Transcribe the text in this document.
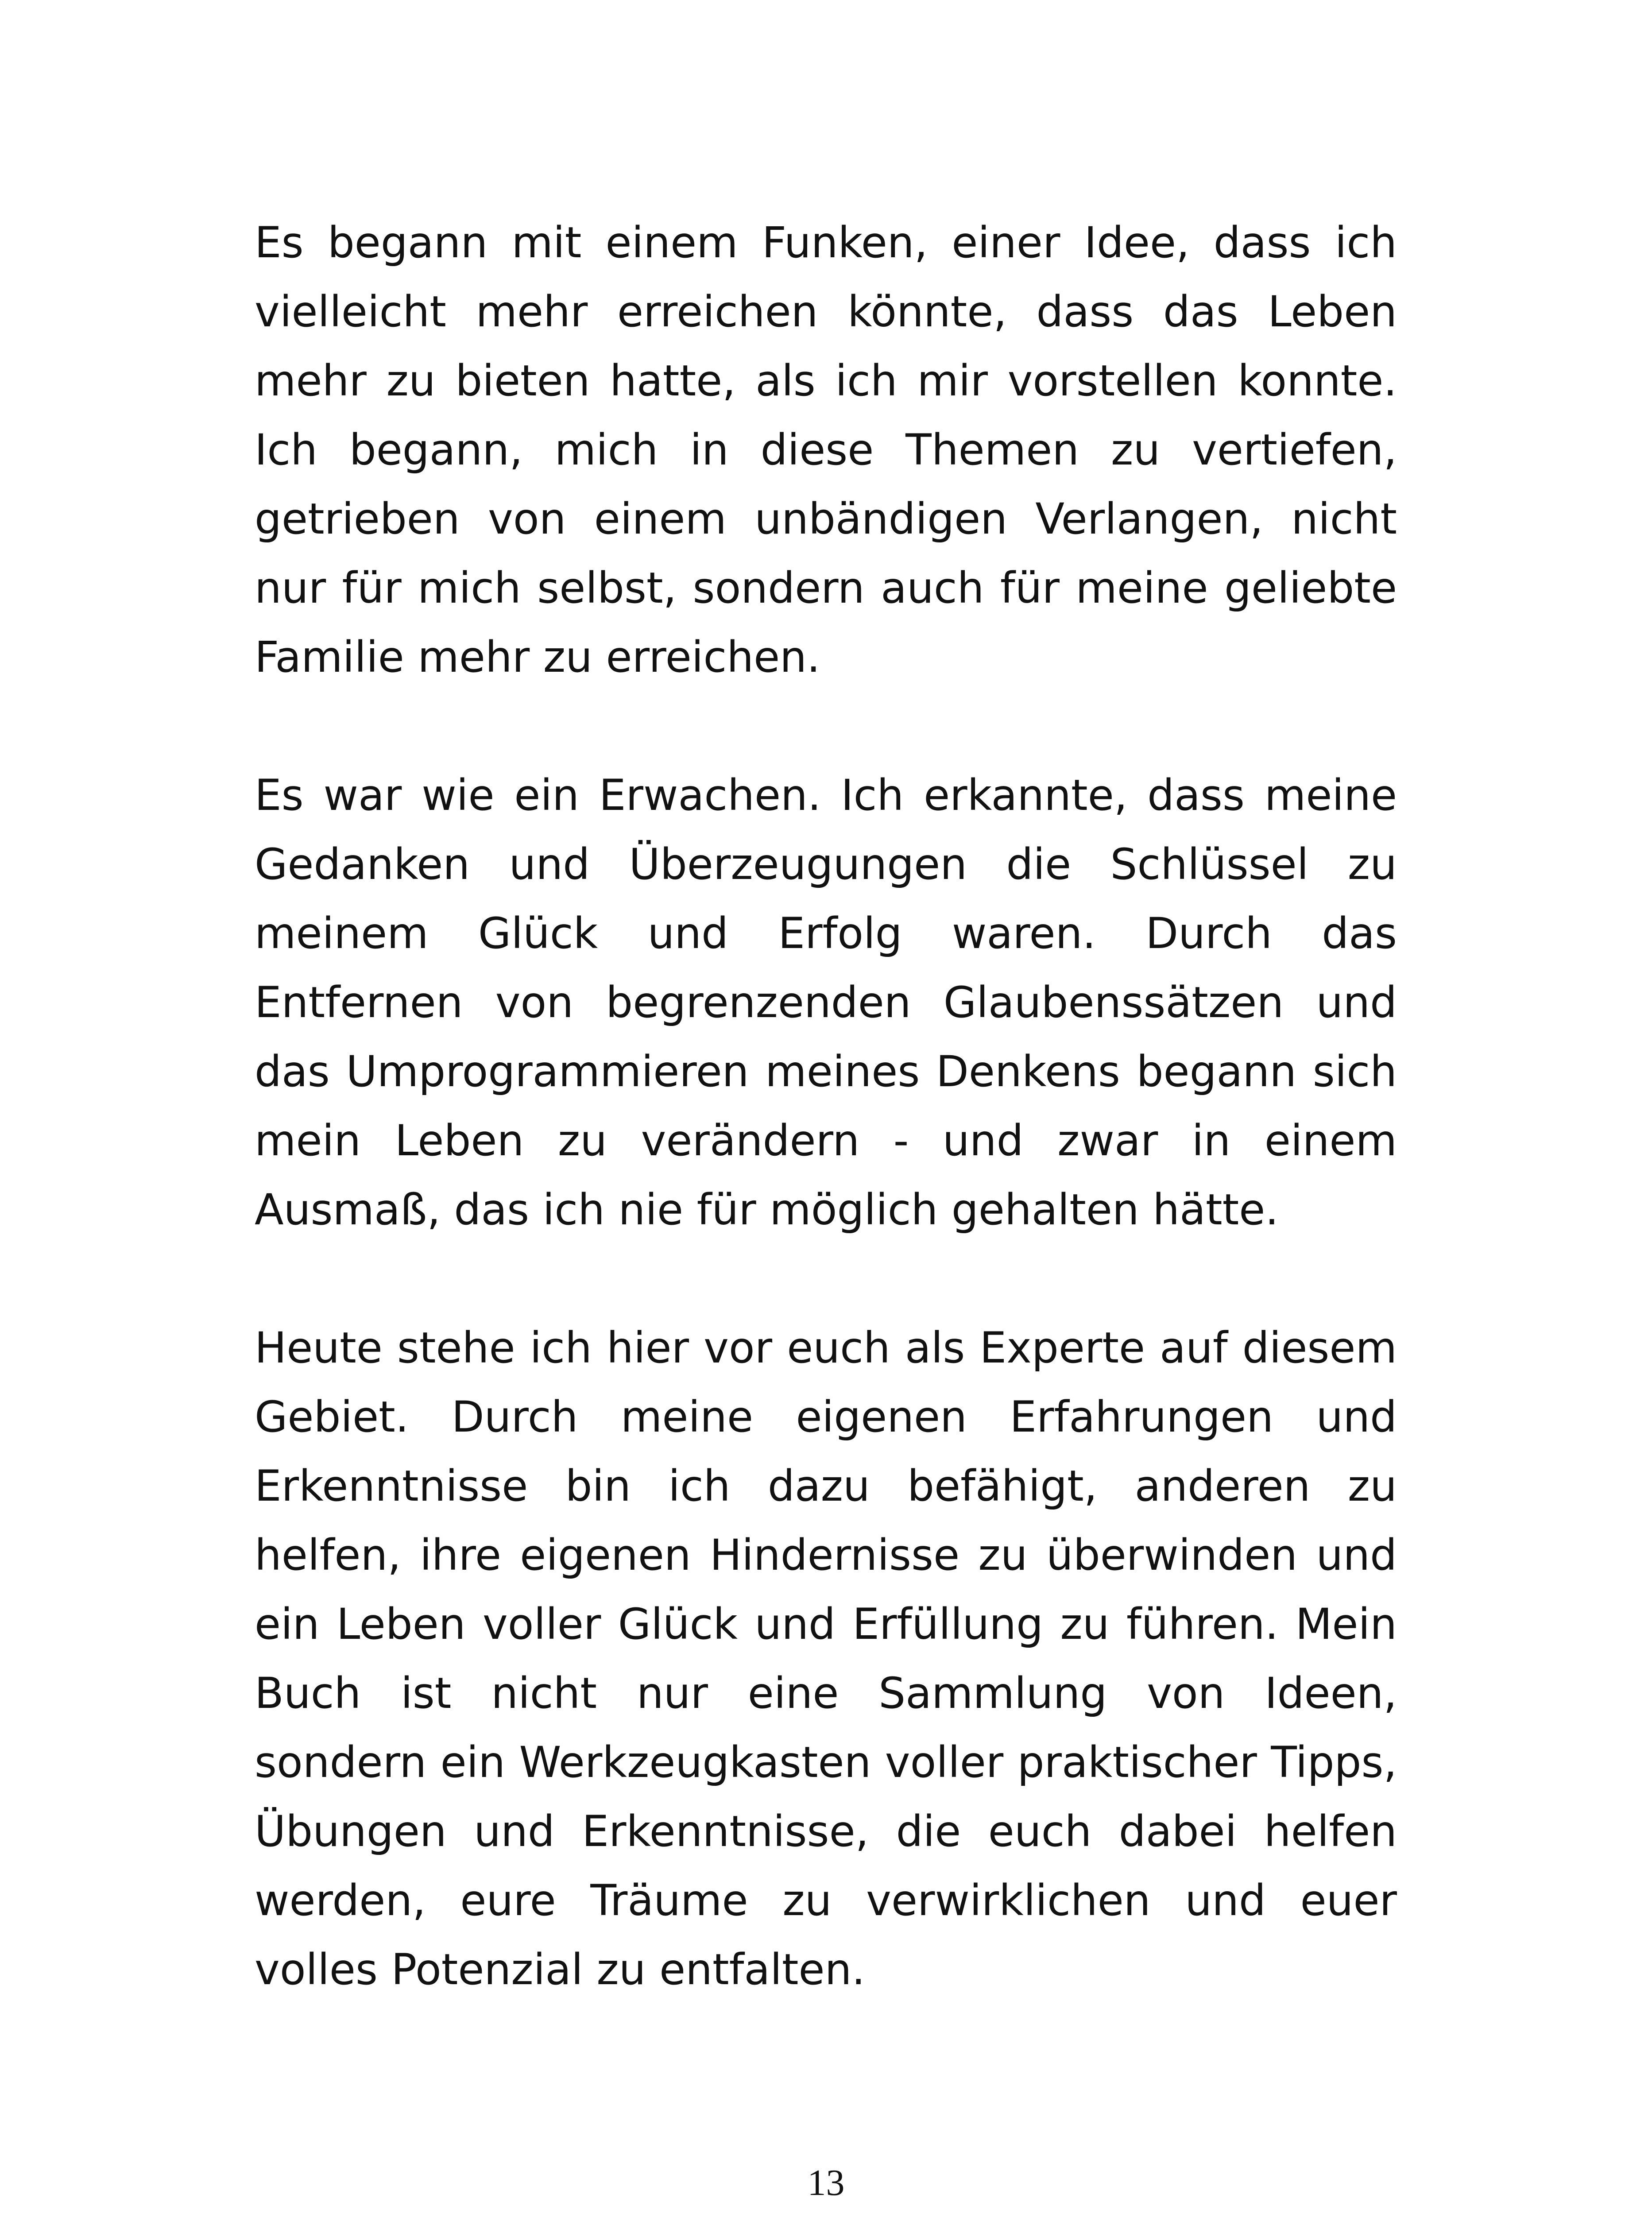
Es begann mit einem Funken, einer Idee, dass ich vielleicht mehr erreichen könnte, dass das Leben mehr zu bieten hatte, als ich mir vorstellen konnte. Ich begann, mich in diese Themen zu vertiefen, getrieben von einem unbändigen Verlangen, nicht nur für mich selbst, sondern auch für meine geliebte Familie mehr zu erreichen.

Es war wie ein Erwachen. Ich erkannte, dass meine Gedanken und Überzeugungen die Schlüssel zu meinem Glück und Erfolg waren. Durch das Entfernen von begrenzenden Glaubenssätzen und das Umprogrammieren meines Denkens begann sich mein Leben zu verändern - und zwar in einem Ausmaß, das ich nie für möglich gehalten hätte.

Heute stehe ich hier vor euch als Experte auf diesem Gebiet. Durch meine eigenen Erfahrungen und Erkenntnisse bin ich dazu befähigt, anderen zu helfen, ihre eigenen Hindernisse zu überwinden und ein Leben voller Glück und Erfüllung zu führen. Mein Buch ist nicht nur eine Sammlung von Ideen, sondern ein Werkzeugkasten voller praktischer Tipps, Übungen und Erkenntnisse, die euch dabei helfen werden, eure Träume zu verwirklichen und euer volles Potenzial zu entfalten.

13
